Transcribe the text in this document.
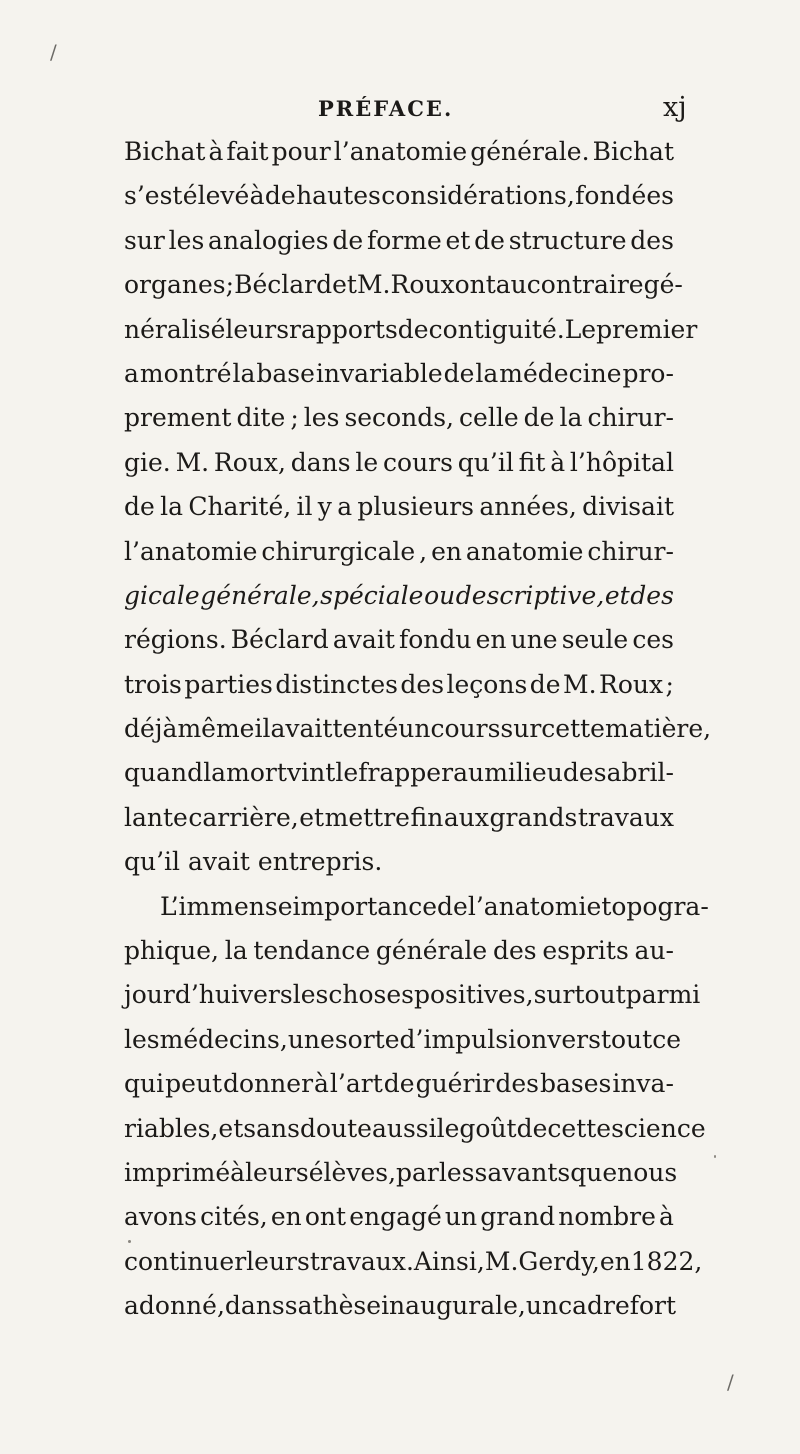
/
PRÉFACE.	xj
Bichat à fait pour l’anatomie générale. Bichat
s’est élevé à de hautes considérations, fondées
sur les analogies de forme et de structure des
organes ; Béclard et M. Roux ont au contraire gé-
néralisé leurs rapports de contiguité. Le premier
a montré la base invariable de la médecine pro-
prement dite ; les seconds, celle de la chirur-
gie. M. Roux, dans le cours qu’il fit à l’hôpital
de la Charité, il y a plusieurs années, divisait
l’anatomie chirurgicale , en anatomie chirur-
gicale générale, spéciale ou descriptive, et des
régions. Béclard avait fondu en une seule ces
trois parties distinctes des leçons de M. Roux ;
déjà même il avait tenté un cours sur cette matière,
quand la mort vint le frapper au milieu de sa bril-
lante carrière, et mettre fin aux grands travaux
qu’il avait entrepris.
L’immense importance de l’anatomie topogra-
phique, la tendance générale des esprits au-
jourd’hui vers les choses positives , surtout parmi
les médecins, une sorte d’impulsion vers tout ce
qui peut donner à l’art de guérir des bases inva-
riables, et sans doute aussi le goût de cette science
imprimé à leurs élèves, par les savants que nous
avons cités, en ont engagé un grand nombre à
continuer leurs travaux. Ainsi, M. Gerdy, en 1822,
a donné, dans sa thèse inaugurale, un cadre fort
/
